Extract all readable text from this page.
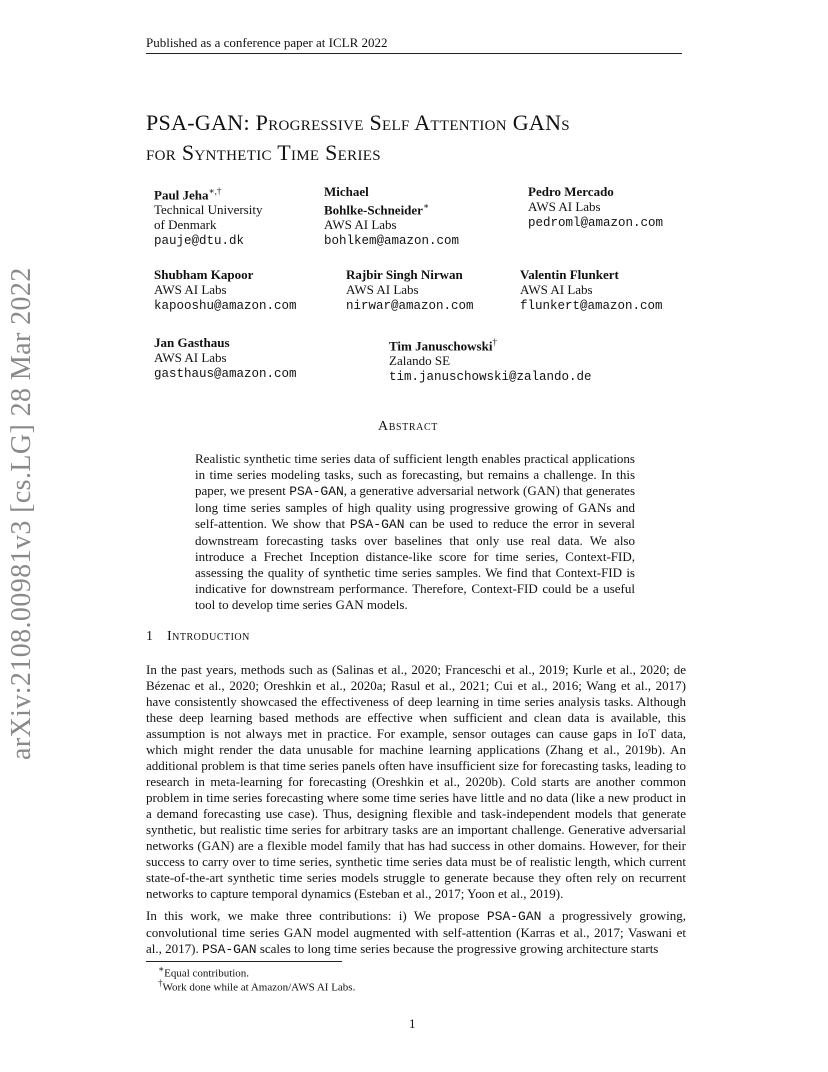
Published as a conference paper at ICLR 2022
arXiv:2108.00981v3 [cs.LG] 28 Mar 2022
PSA-GAN: Progressive Self Attention GANs
for Synthetic Time Series
Paul Jeha∗,†
Technical University
of Denmark
pauje@dtu.dk
Michael
Bohlke-Schneider∗
AWS AI Labs
bohlkem@amazon.com
Pedro Mercado
AWS AI Labs
pedroml@amazon.com
Shubham Kapoor
AWS AI Labs
kapooshu@amazon.com
Rajbir Singh Nirwan
AWS AI Labs
nirwar@amazon.com
Valentin Flunkert
AWS AI Labs
flunkert@amazon.com
Jan Gasthaus
AWS AI Labs
gasthaus@amazon.com
Tim Januschowski†
Zalando SE
tim.januschowski@zalando.de
Abstract
Realistic synthetic time series data of sufficient length enables practical applications in time series modeling tasks, such as forecasting, but remains a challenge. In this paper, we present PSA-GAN, a generative adversarial network (GAN) that generates long time series samples of high quality using progressive growing of GANs and self-attention. We show that PSA-GAN can be used to reduce the error in several downstream forecasting tasks over baselines that only use real data. We also introduce a Frechet Inception distance-like score for time series, Context-FID, assessing the quality of synthetic time series samples. We find that Context-FID is indicative for downstream performance. Therefore, Context-FID could be a useful tool to develop time series GAN models.
1 Introduction
In the past years, methods such as (Salinas et al., 2020; Franceschi et al., 2019; Kurle et al., 2020; de Bézenac et al., 2020; Oreshkin et al., 2020a; Rasul et al., 2021; Cui et al., 2016; Wang et al., 2017) have consistently showcased the effectiveness of deep learning in time series analysis tasks. Although these deep learning based methods are effective when sufficient and clean data is available, this assumption is not always met in practice. For example, sensor outages can cause gaps in IoT data, which might render the data unusable for machine learning applications (Zhang et al., 2019b). An additional problem is that time series panels often have insufficient size for forecasting tasks, leading to research in meta-learning for forecasting (Oreshkin et al., 2020b). Cold starts are another common problem in time series forecasting where some time series have little and no data (like a new product in a demand forecasting use case). Thus, designing flexible and task-independent models that generate synthetic, but realistic time series for arbitrary tasks are an important challenge. Generative adversarial networks (GAN) are a flexible model family that has had success in other domains. However, for their success to carry over to time series, synthetic time series data must be of realistic length, which current state-of-the-art synthetic time series models struggle to generate because they often rely on recurrent networks to capture temporal dynamics (Esteban et al., 2017; Yoon et al., 2019).
In this work, we make three contributions: i) We propose PSA-GAN a progressively growing, convolutional time series GAN model augmented with self-attention (Karras et al., 2017; Vaswani et al., 2017). PSA-GAN scales to long time series because the progressive growing architecture starts
∗Equal contribution.
†Work done while at Amazon/AWS AI Labs.
1
